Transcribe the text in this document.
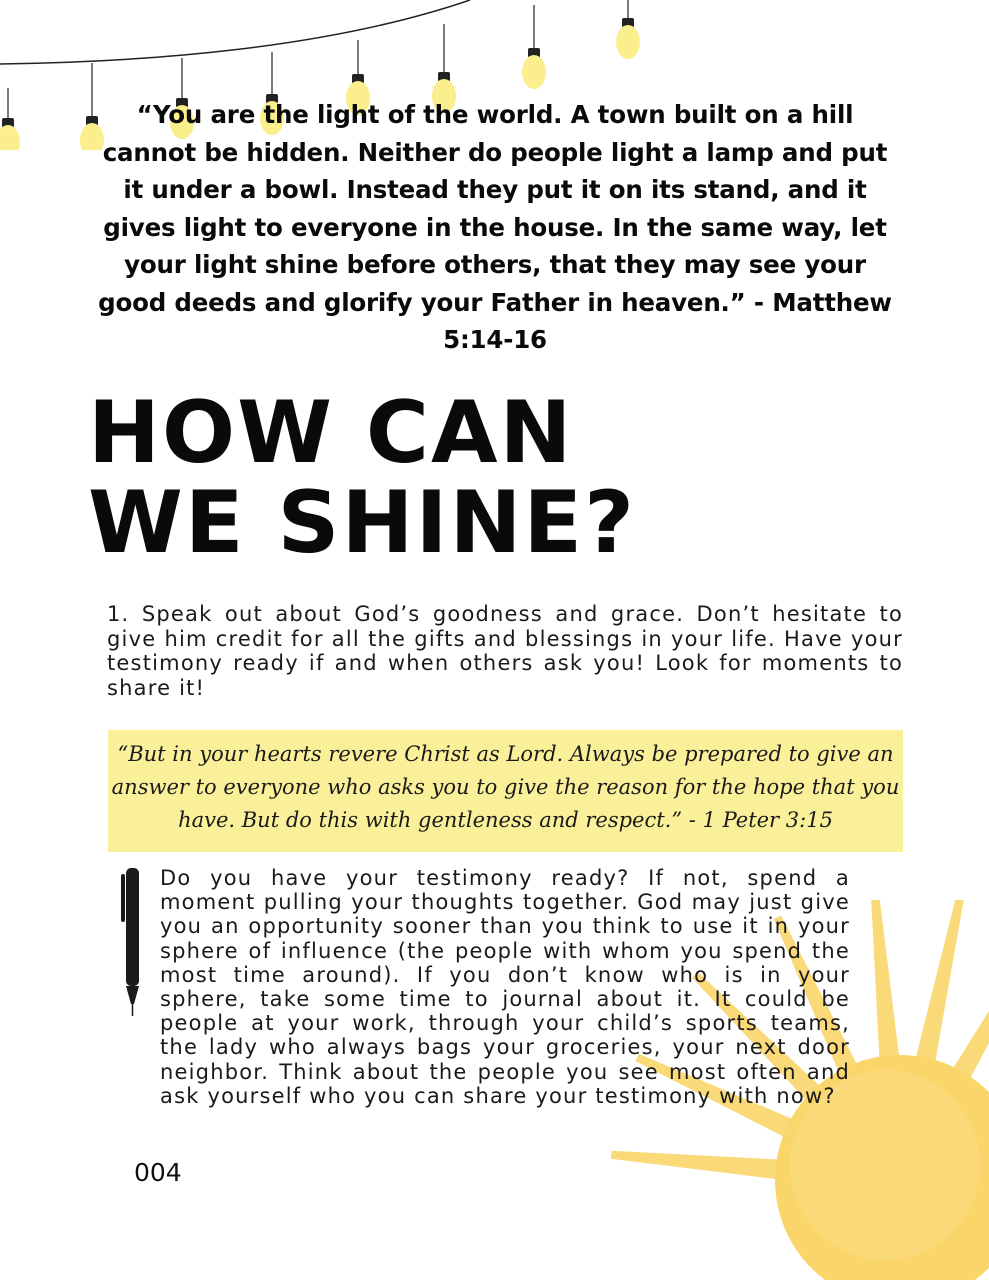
“You are the light of the world. A town built on a hill cannot be hidden. Neither do people light a lamp and put it under a bowl. Instead they put it on its stand, and it gives light to everyone in the house. In the same way, let your light shine before others, that they may see your good deeds and glorify your Father in heaven.” - Matthew 5:14-16
HOW CAN
WE SHINE?
1. Speak out about God’s goodness and grace. Don’t hesitate to give him credit for all the gifts and blessings in your life. Have your testimony ready if and when others ask you! Look for moments to share it!
“But in your hearts revere Christ as Lord. Always be prepared to give an answer to everyone who asks you to give the reason for the hope that you have. But do this with gentleness and respect.” - 1 Peter 3:15
Do you have your testimony ready? If not, spend a moment pulling your thoughts together. God may just give you an opportunity sooner than you think to use it in your sphere of influence (the people with whom you spend the most time around). If you don’t know who is in your sphere, take some time to journal about it. It could be people at your work, through your child’s sports teams, the lady who always bags your groceries, your next door neighbor. Think about the people you see most often and ask yourself who you can share your testimony with now?
004
